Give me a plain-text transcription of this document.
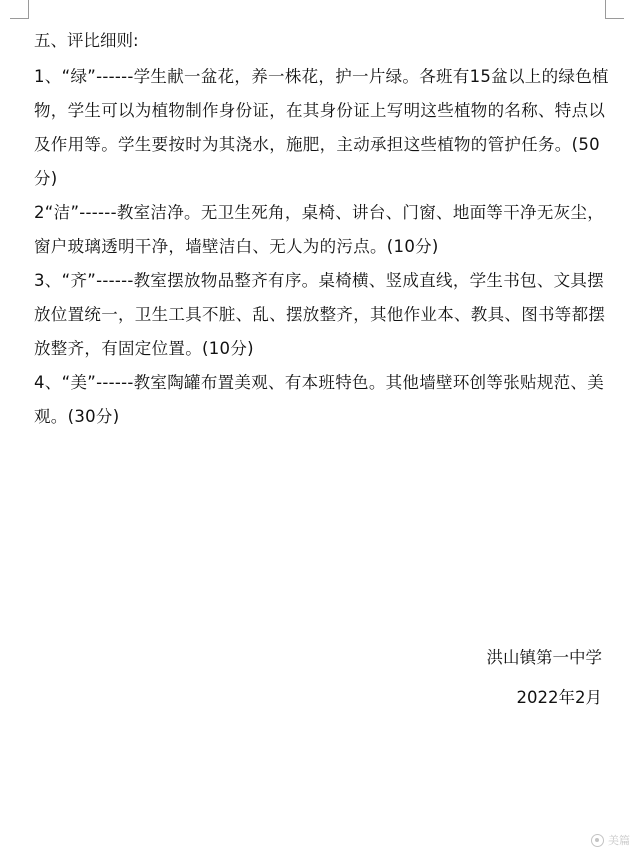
五、评比细则:

1、“绿”------学生献一盆花，养一株花，护一片绿。各班有15盆以上的绿色植物，学生可以为植物制作身份证，在其身份证上写明这些植物的名称、特点以及作用等。学生要按时为其浇水，施肥，主动承担这些植物的管护任务。(50分)

2“洁”------教室洁净。无卫生死角，桌椅、讲台、门窗、地面等干净无灰尘，窗户玻璃透明干净，墙壁洁白、无人为的污点。(10分)

3、“齐”------教室摆放物品整齐有序。桌椅横、竖成直线，学生书包、文具摆放位置统一，卫生工具不脏、乱、摆放整齐，其他作业本、教具、图书等都摆放整齐，有固定位置。(10分)

4、“美”------教室陶罐布置美观、有本班特色。其他墙壁环创等张贴规范、美观。(30分)

洪山镇第一中学
2022年2月
美篇
